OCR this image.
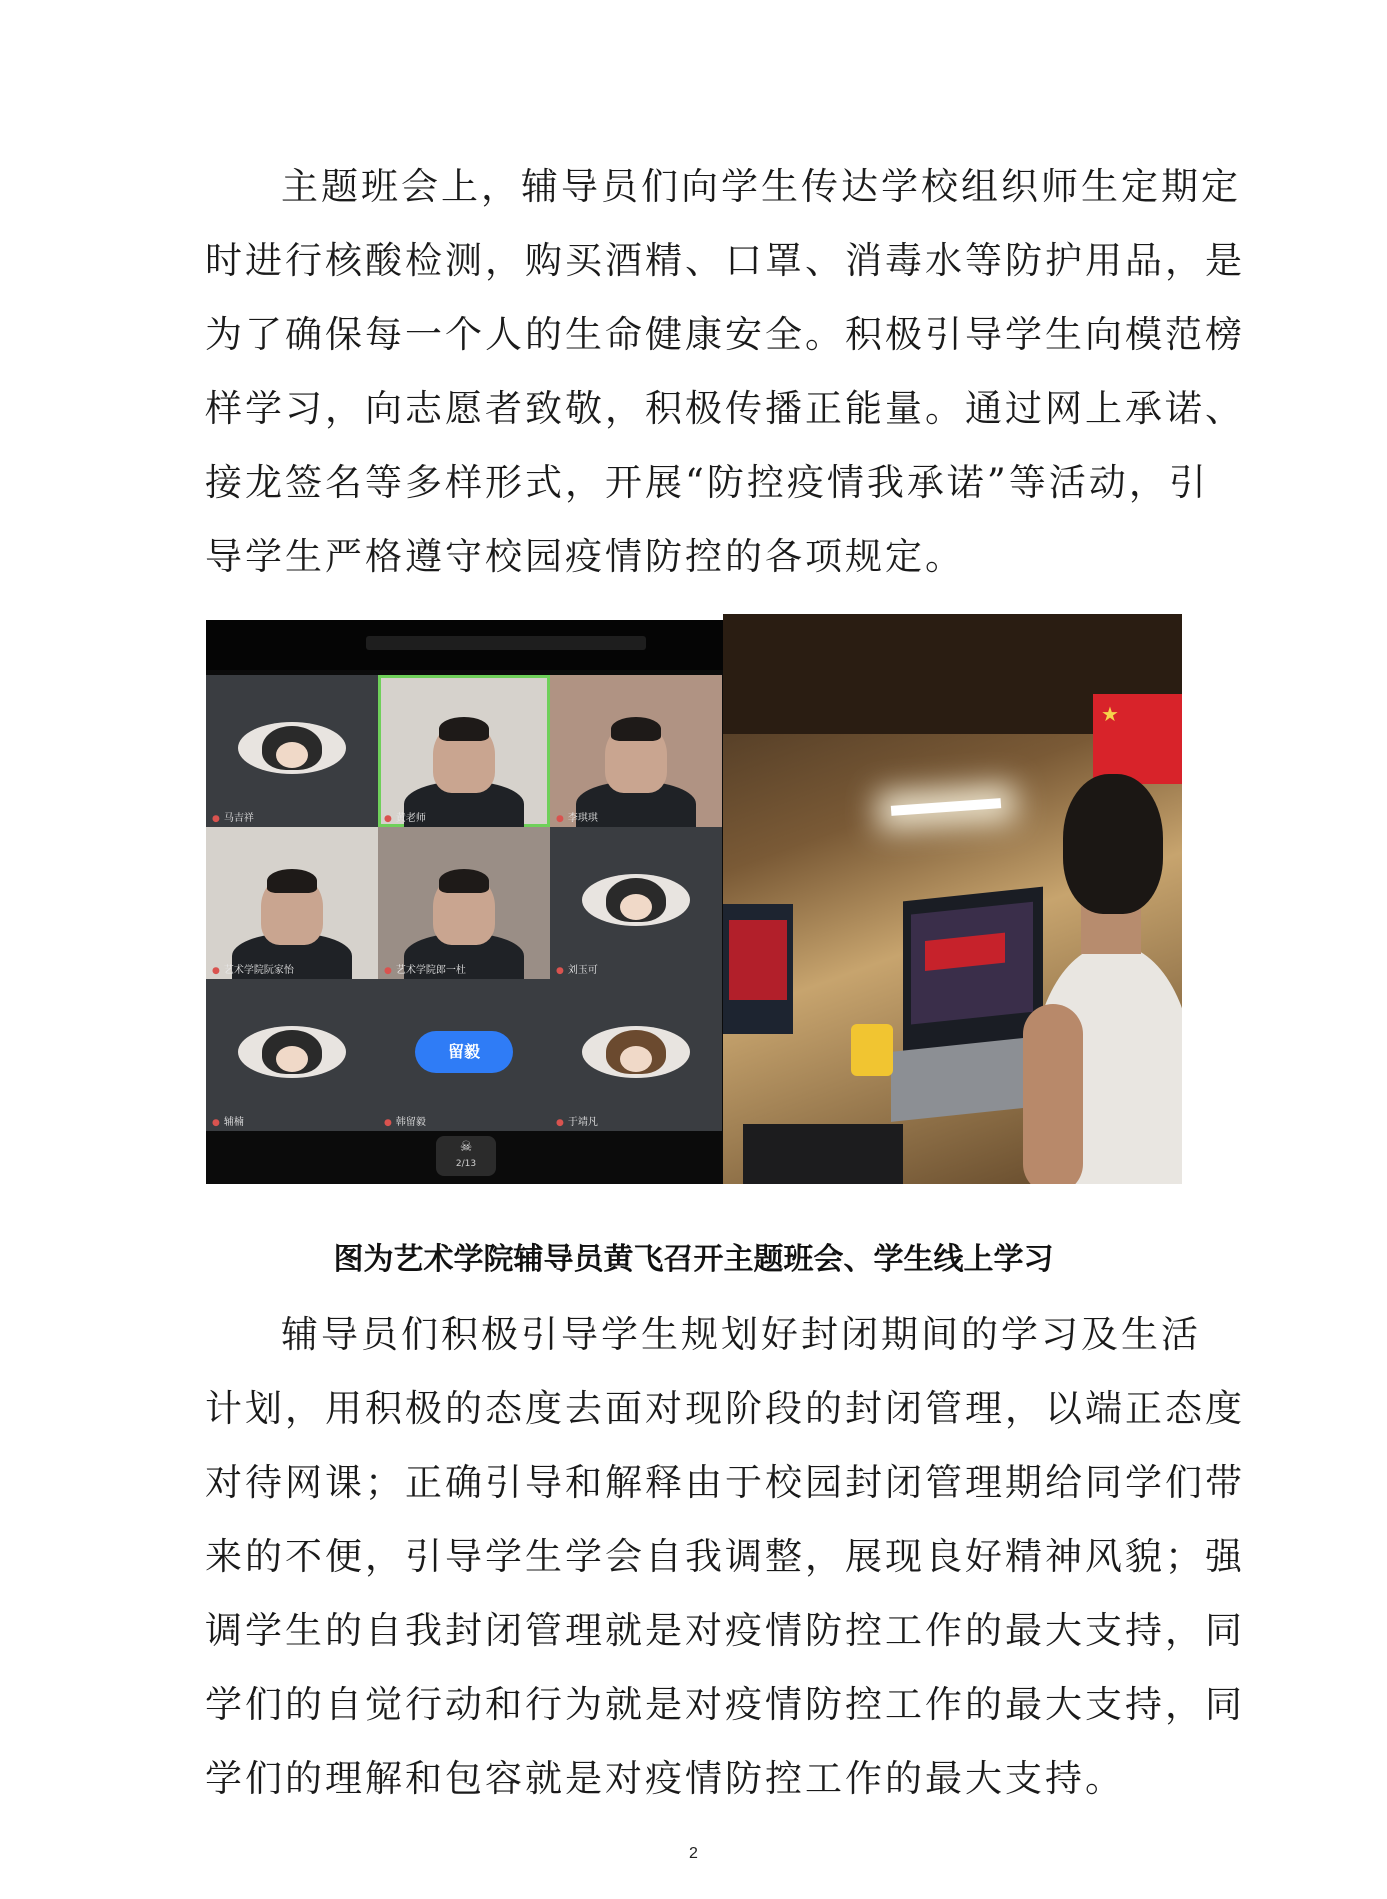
主题班会上，辅导员们向学生传达学校组织师生定期定
时进行核酸检测，购买酒精、口罩、消毒水等防护用品，是
为了确保每一个人的生命健康安全。积极引导学生向模范榜
样学习，向志愿者致敬，积极传播正能量。通过网上承诺、
接龙签名等多样形式，开展“防控疫情我承诺”等活动，引
导学生严格遵守校园疫情防控的各项规定。
● 马吉祥	● 黄老师	● 李琪琪
● 艺术学院阮家怡	● 艺术学院郎一杜	● 刘玉可
● 辅楠
留毅
● 韩留毅	● 于靖凡
☠
2/13
★

图为艺术学院辅导员黄飞召开主题班会、学生线上学习

辅导员们积极引导学生规划好封闭期间的学习及生活
计划，用积极的态度去面对现阶段的封闭管理，以端正态度
对待网课；正确引导和解释由于校园封闭管理期给同学们带
来的不便，引导学生学会自我调整，展现良好精神风貌；强
调学生的自我封闭管理就是对疫情防控工作的最大支持，同
学们的自觉行动和行为就是对疫情防控工作的最大支持，同
学们的理解和包容就是对疫情防控工作的最大支持。
2
